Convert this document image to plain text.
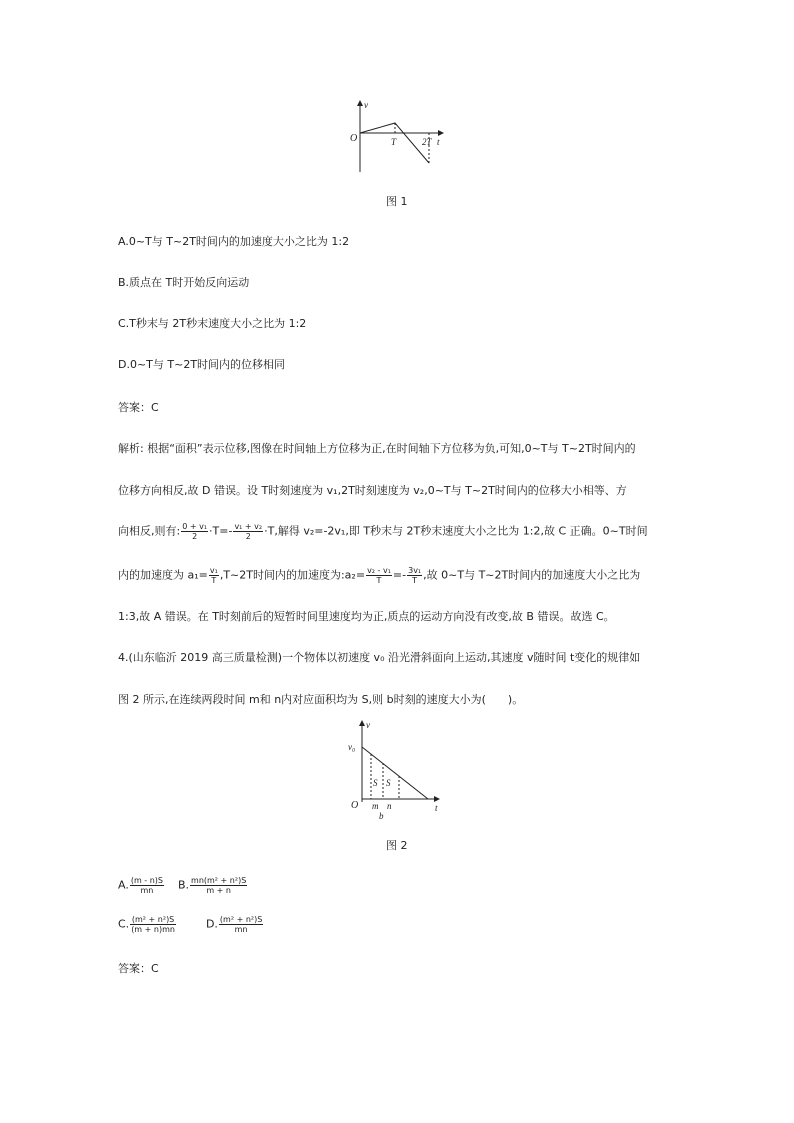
v
O	T	2T t
图 1
A.0~T与 T~2T时间内的加速度大小之比为 1:2
B.质点在 T时开始反向运动
C.T秒末与 2T秒末速度大小之比为 1:2
D.0~T与 T~2T时间内的位移相同
答案：C
解析: 根据“面积”表示位移,图像在时间轴上方位移为正,在时间轴下方位移为负,可知,0~T与 T~2T时间内的
位移方向相反,故 D 错误。设 T时刻速度为 v₁,2T时刻速度为 v₂,0~T与 T~2T时间内的位移大小相等、方
向相反,则有: $\frac{\text{0 + v₁}}{2} \cdot T=- \frac{\text{v₁ + v₂}}{2} \cdot T$,解得 v₂=-2v₁,即 T秒末与 2T秒末速度大小之比为 1:2,故 C 正确。0~T时间
内的加速度为 $a_1= \frac{\text{v₁}}{T}$ ,T~2T时间内的加速度为:a₂= $\frac{\text{v₂ - v₁}}{T} =- \frac{\text{3v₁}}{T}$ ,故 0~T与 T~2T时间内的加速度大小之比为
1:3,故 A 错误。在 T时刻前后的短暂时间里速度均为正,质点的运动方向没有改变,故 B 错误。故选 C。
4.(山东临沂 2019 高三质量检测)一个物体以初速度 v₀ 沿光滑斜面向上运动,其速度 v随时间 t变化的规律如
图 2 所示,在连续两段时间 m和 n内对应面积均为 S,则 b时刻的速度大小为(　　)。
v
v₀
O
S S
m n
b
t
图 2
A. $\frac{(m - n)S}{mn} B$. $\frac{\text{mn(m² + n²)S}}{m + n}$
C. $\frac{\text{(m² + n²)S}}{(m + n)mn}$	D. $\frac{\text{(m² + n²)S}}{mn}$
答案：C
